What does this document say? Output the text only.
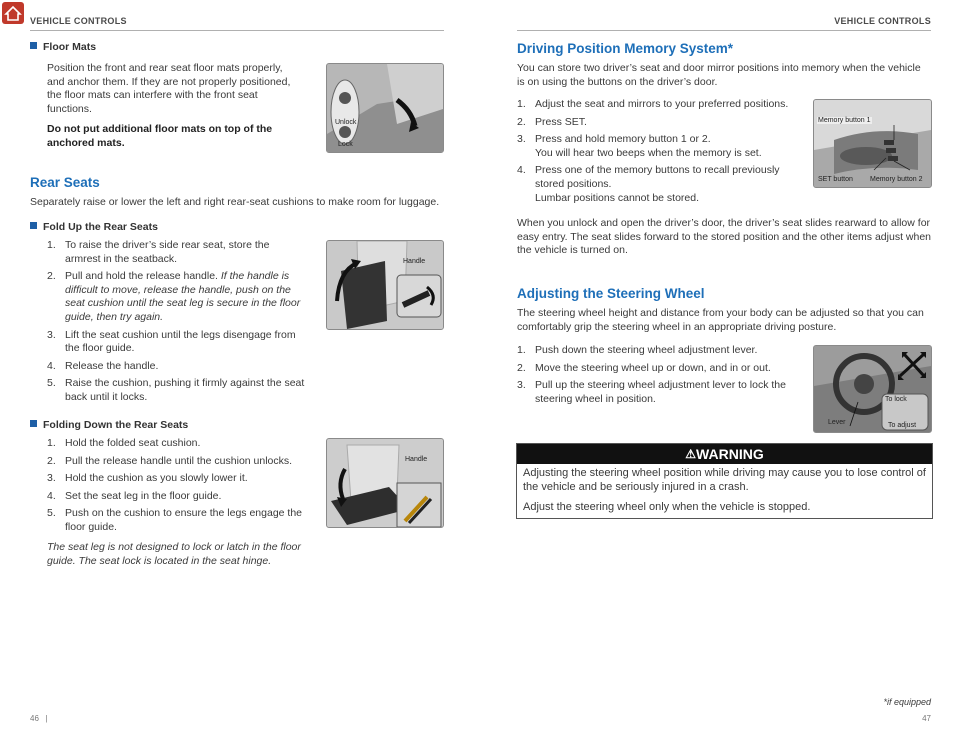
VEHICLE CONTROLS	VEHICLE CONTROLS
Floor Mats
Position the front and rear seat floor mats properly, and anchor them. If they are not properly positioned, the floor mats can interfere with the front seat functions.
Do not put additional floor mats on top of the anchored mats.
Unlock
Lock
Rear Seats
Separately raise or lower the left and right rear-seat cushions to make room for luggage.
Fold Up the Rear Seats
1. To raise the driver’s side rear seat, store the armrest in the seatback.
2. Pull and hold the release handle. If the handle is difficult to move, release the handle, push on the seat cushion until the seat leg is secure in the floor guide, then try again.
3. Lift the seat cushion until the legs disengage from the floor guide.
4. Release the handle.
5. Raise the cushion, pushing it firmly against the seat back until it locks.
Handle
Folding Down the Rear Seats
1. Hold the folded seat cushion.
2. Pull the release handle until the cushion unlocks.
3. Hold the cushion as you slowly lower it.
4. Set the seat leg in the floor guide.
5. Push on the cushion to ensure the legs engage the floor guide.
The seat leg is not designed to lock or latch in the floor guide. The seat lock is located in the seat hinge.
Handle
46 |
Driving Position Memory System*
You can store two driver’s seat and door mirror positions into memory when the vehicle is on using the buttons on the driver’s door.
1. Adjust the seat and mirrors to your preferred positions.
2. Press SET.
3. Press and hold memory button 1 or 2.
You will hear two beeps when the memory is set.
4. Press one of the memory buttons to recall previously stored positions.
Lumbar positions cannot be stored.
Memory button 1
SET button Memory button 2
When you unlock and open the driver’s door, the driver’s seat slides rearward to allow for easy entry. The seat slides forward to the stored position and the other items adjust when the vehicle is turned on.
Adjusting the Steering Wheel
The steering wheel height and distance from your body can be adjusted so that you can comfortably grip the steering wheel in an appropriate driving posture.
1. Push down the steering wheel adjustment lever.
2. Move the steering wheel up or down, and in or out.
3. Pull up the steering wheel adjustment lever to lock the steering wheel in position.
Lever
To lock
To adjust
⚠WARNING
Adjusting the steering wheel position while driving may cause you to lose control of the vehicle and be seriously injured in a crash.
Adjust the steering wheel only when the vehicle is stopped.
*if equipped
47
